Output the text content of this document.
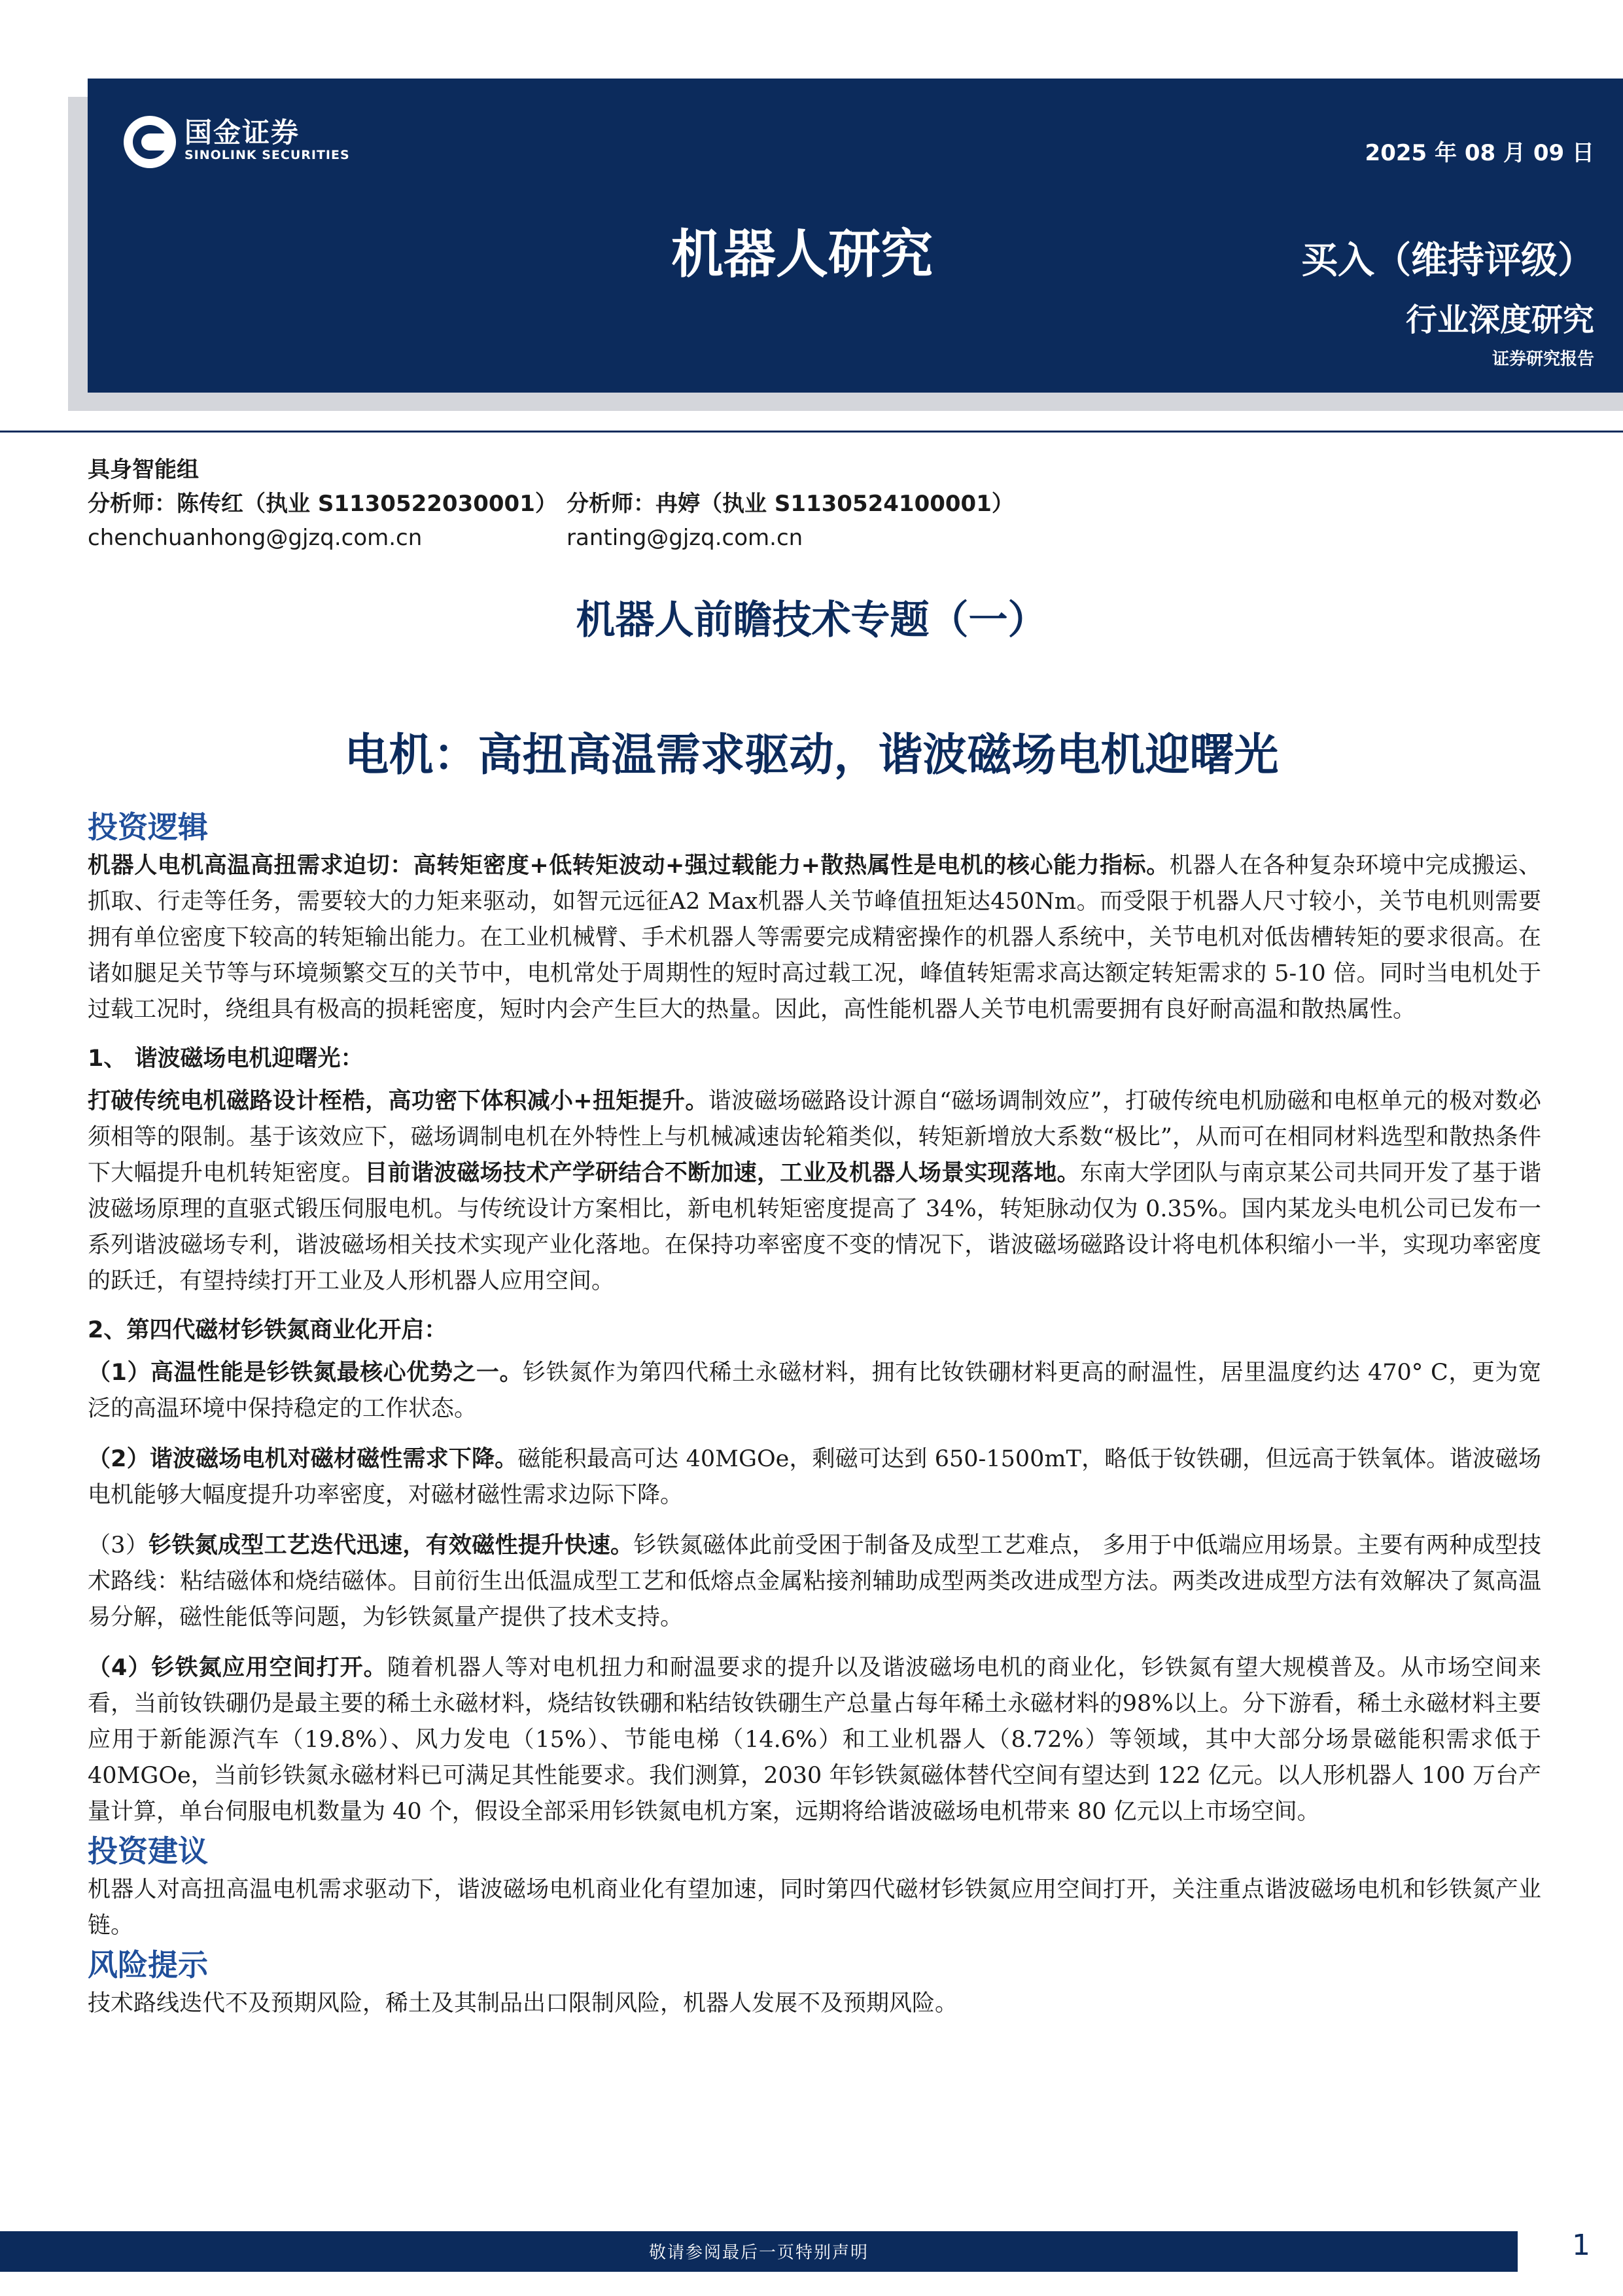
国金证券
SINOLINK SECURITIES	2025 年 08 月 09 日
机器人研究	买入（维持评级）
行业深度研究
证券研究报告
具身智能组
分析师：陈传红（执业 S1130522030001） 分析师：冉婷（执业 S1130524100001）
chenchuanhong@gjzq.com.cn	ranting@gjzq.com.cn
机器人前瞻技术专题（一）
电机：高扭高温需求驱动，谐波磁场电机迎曙光
投资逻辑

机器人电机高温高扭需求迫切：高转矩密度+低转矩波动+强过载能力+散热属性是电机的核心能力指标。机器人在各种复杂环境中完成搬运、抓取、行走等任务，需要较大的力矩来驱动，如智元远征A2 Max机器人关节峰值扭矩达450Nm。而受限于机器人尺寸较小，关节电机则需要拥有单位密度下较高的转矩输出能力。在工业机械臂、手术机器人等需要完成精密操作的机器人系统中，关节电机对低齿槽转矩的要求很高。在诸如腿足关节等与环境频繁交互的关节中，电机常处于周期性的短时高过载工况，峰值转矩需求高达额定转矩需求的 5-10 倍。同时当电机处于过载工况时，绕组具有极高的损耗密度，短时内会产生巨大的热量。因此，高性能机器人关节电机需要拥有良好耐高温和散热属性。

1、 谐波磁场电机迎曙光：

打破传统电机磁路设计桎梏，高功密下体积减小+扭矩提升。谐波磁场磁路设计源自“磁场调制效应”，打破传统电机励磁和电枢单元的极对数必须相等的限制。基于该效应下，磁场调制电机在外特性上与机械减速齿轮箱类似，转矩新增放大系数“极比”，从而可在相同材料选型和散热条件下大幅提升电机转矩密度。目前谐波磁场技术产学研结合不断加速，工业及机器人场景实现落地。东南大学团队与南京某公司共同开发了基于谐波磁场原理的直驱式锻压伺服电机。与传统设计方案相比，新电机转矩密度提高了 34%，转矩脉动仅为 0.35%。国内某龙头电机公司已发布一系列谐波磁场专利，谐波磁场相关技术实现产业化落地。在保持功率密度不变的情况下，谐波磁场磁路设计将电机体积缩小一半，实现功率密度的跃迁，有望持续打开工业及人形机器人应用空间。

2、第四代磁材钐铁氮商业化开启：

（1）高温性能是钐铁氮最核心优势之一。钐铁氮作为第四代稀土永磁材料，拥有比钕铁硼材料更高的耐温性，居里温度约达 470° C，更为宽泛的高温环境中保持稳定的工作状态。

（2）谐波磁场电机对磁材磁性需求下降。磁能积最高可达 40MGOe，剩磁可达到 650-1500mT，略低于钕铁硼，但远高于铁氧体。谐波磁场电机能够大幅度提升功率密度，对磁材磁性需求边际下降。

（3）钐铁氮成型工艺迭代迅速，有效磁性提升快速。钐铁氮磁体此前受困于制备及成型工艺难点， 多用于中低端应用场景。主要有两种成型技术路线：粘结磁体和烧结磁体。目前衍生出低温成型工艺和低熔点金属粘接剂辅助成型两类改进成型方法。两类改进成型方法有效解决了氮高温易分解，磁性能低等问题，为钐铁氮量产提供了技术支持。

（4）钐铁氮应用空间打开。随着机器人等对电机扭力和耐温要求的提升以及谐波磁场电机的商业化，钐铁氮有望大规模普及。从市场空间来看，当前钕铁硼仍是最主要的稀土永磁材料，烧结钕铁硼和粘结钕铁硼生产总量占每年稀土永磁材料的98%以上。分下游看，稀土永磁材料主要应用于新能源汽车（19.8%）、风力发电（15%）、节能电梯（14.6%）和工业机器人（8.72%）等领域，其中大部分场景磁能积需求低于 40MGOe，当前钐铁氮永磁材料已可满足其性能要求。我们测算，2030 年钐铁氮磁体替代空间有望达到 122 亿元。以人形机器人 100 万台产量计算，单台伺服电机数量为 40 个，假设全部采用钐铁氮电机方案，远期将给谐波磁场电机带来 80 亿元以上市场空间。

投资建议

机器人对高扭高温电机需求驱动下，谐波磁场电机商业化有望加速，同时第四代磁材钐铁氮应用空间打开，关注重点谐波磁场电机和钐铁氮产业链。

风险提示

技术路线迭代不及预期风险，稀土及其制品出口限制风险，机器人发展不及预期风险。

敬请参阅最后一页特别声明	1
